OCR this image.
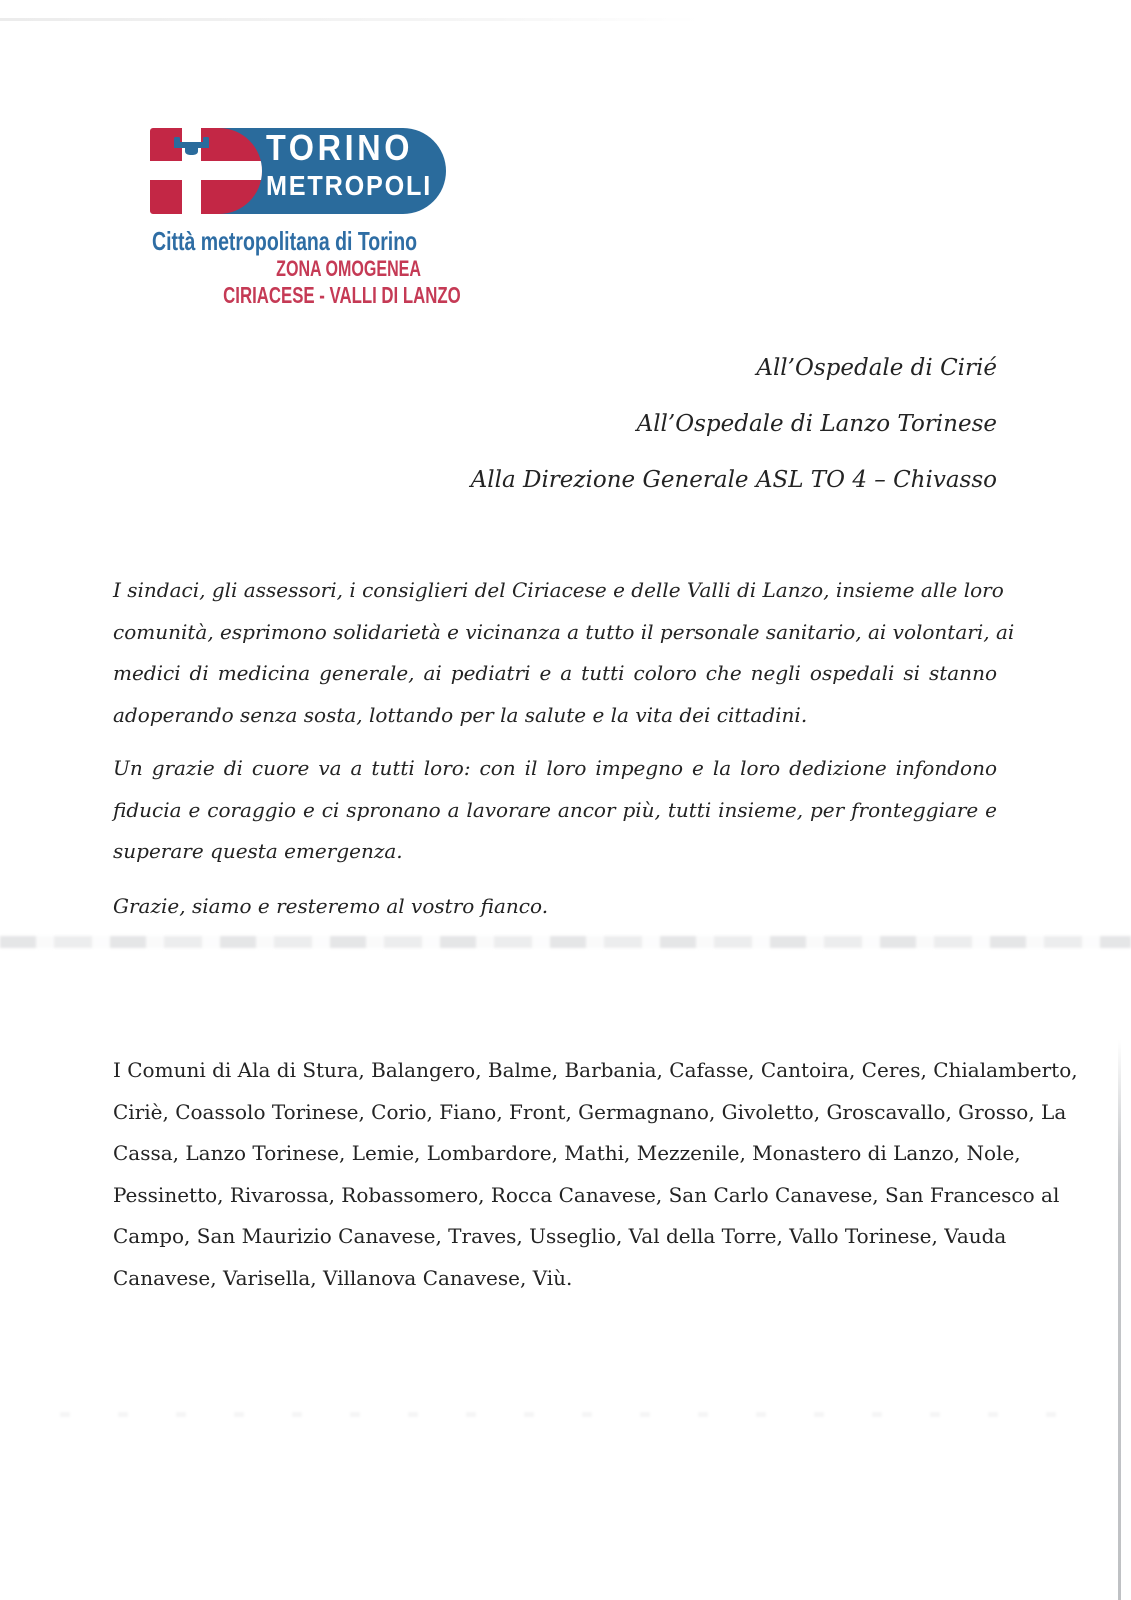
TORINO
METROPOLI
Città metropolitana di Torino
ZONA OMOGENEA
CIRIACESE - VALLI DI LANZO
All’Ospedale di Cirié
All’Ospedale di Lanzo Torinese
Alla Direzione Generale ASL TO 4 – Chivasso
I sindaci, gli assessori, i consiglieri del Ciriacese e delle Valli di Lanzo, insieme alle loro
comunità, esprimono solidarietà e vicinanza a tutto il personale sanitario, ai volontari, ai
medici di medicina generale, ai pediatri e a tutti coloro che negli ospedali si stanno
adoperando senza sosta, lottando per la salute e la vita dei cittadini.
Un grazie di cuore va a tutti loro: con il loro impegno e la loro dedizione infondono
fiducia e coraggio e ci spronano a lavorare ancor più, tutti insieme, per fronteggiare e
superare questa emergenza.
Grazie, siamo e resteremo al vostro fianco.
I Comuni di Ala di Stura, Balangero, Balme, Barbania, Cafasse, Cantoira, Ceres, Chialamberto,
Ciriè, Coassolo Torinese, Corio, Fiano, Front, Germagnano, Givoletto, Groscavallo, Grosso, La
Cassa, Lanzo Torinese, Lemie, Lombardore, Mathi, Mezzenile, Monastero di Lanzo, Nole,
Pessinetto, Rivarossa, Robassomero, Rocca Canavese, San Carlo Canavese, San Francesco al
Campo, San Maurizio Canavese, Traves, Usseglio, Val della Torre, Vallo Torinese, Vauda
Canavese, Varisella, Villanova Canavese, Viù.
